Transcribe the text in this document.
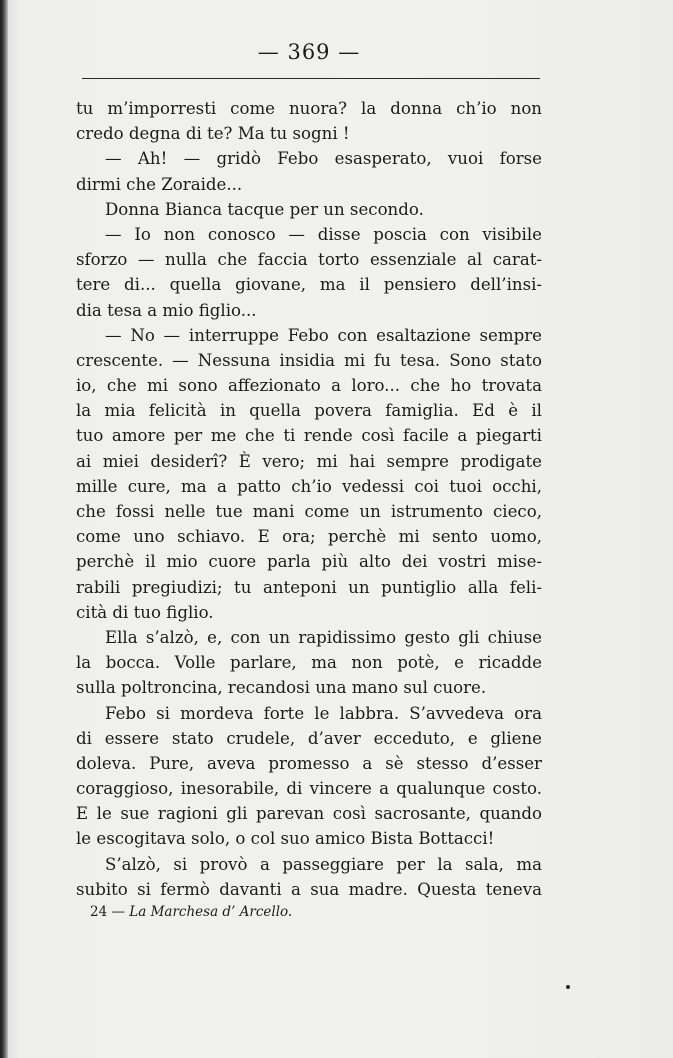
— 369 —
tu m’imporresti come nuora? la donna ch’io non
credo degna di te? Ma tu sogni !
— Ah! — gridò Febo esasperato, vuoi forse
dirmi che Zoraide...
Donna Bianca tacque per un secondo.
— Io non conosco — disse poscia con visibile
sforzo — nulla che faccia torto essenziale al carat-
tere di... quella giovane, ma il pensiero dell’insi-
dia tesa a mio figlio...
— No — interruppe Febo con esaltazione sempre
crescente. — Nessuna insidia mi fu tesa. Sono stato
io, che mi sono affezionato a loro... che ho trovata
la mia felicità in quella povera famiglia. Ed è il
tuo amore per me che ti rende così facile a piegarti
ai miei desiderî? È vero; mi hai sempre prodigate
mille cure, ma a patto ch’io vedessi coi tuoi occhi,
che fossi nelle tue mani come un istrumento cieco,
come uno schiavo. E ora; perchè mi sento uomo,
perchè il mio cuore parla più alto dei vostri mise-
rabili pregiudizi; tu anteponi un puntiglio alla feli-
cità di tuo figlio.
Ella s’alzò, e, con un rapidissimo gesto gli chiuse
la bocca. Volle parlare, ma non potè, e ricadde
sulla poltroncina, recandosi una mano sul cuore.
Febo si mordeva forte le labbra. S’avvedeva ora
di essere stato crudele, d’aver ecceduto, e gliene
doleva. Pure, aveva promesso a sè stesso d’esser
coraggioso, inesorabile, di vincere a qualunque costo.
E le sue ragioni gli parevan così sacrosante, quando
le escogitava solo, o col suo amico Bista Bottacci!
S’alzò, si provò a passeggiare per la sala, ma
subito si fermò davanti a sua madre. Questa teneva
24 — La Marchesa d’ Arcello.
